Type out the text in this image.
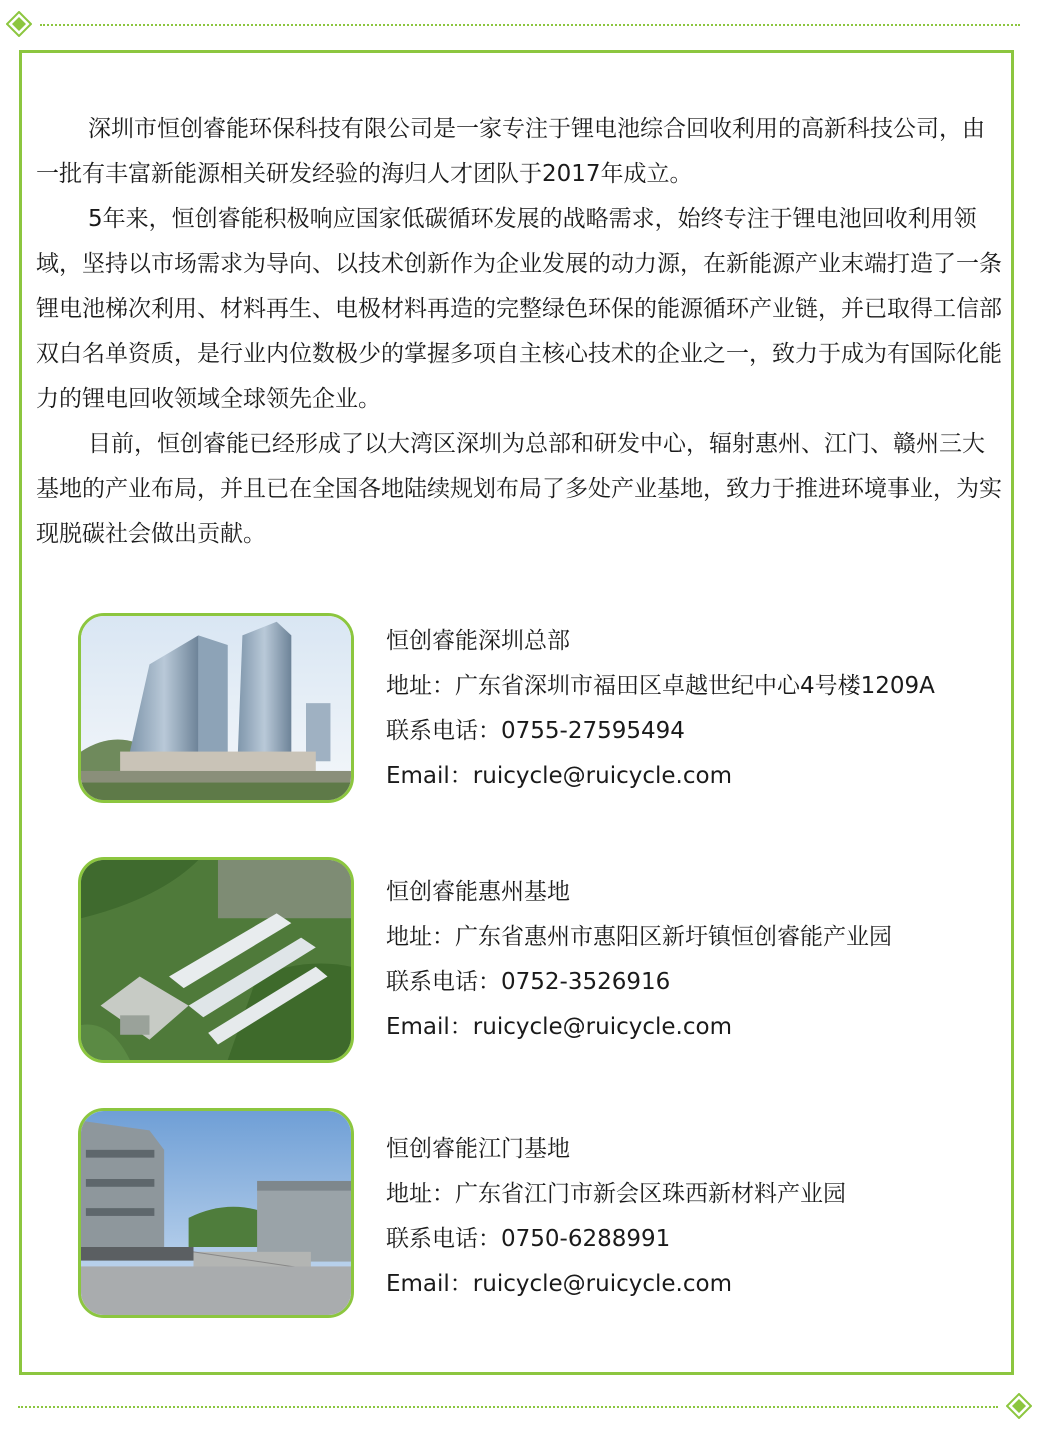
深圳市恒创睿能环保科技有限公司是一家专注于锂电池综合回收利用的高新科技公司，由一批有丰富新能源相关研发经验的海归人才团队于2017年成立。

5年来，恒创睿能积极响应国家低碳循环发展的战略需求，始终专注于锂电池回收利用领域，坚持以市场需求为导向、以技术创新作为企业发展的动力源，在新能源产业末端打造了一条锂电池梯次利用、材料再生、电极材料再造的完整绿色环保的能源循环产业链，并已取得工信部双白名单资质，是行业内位数极少的掌握多项自主核心技术的企业之一，致力于成为有国际化能力的锂电回收领域全球领先企业。

目前，恒创睿能已经形成了以大湾区深圳为总部和研发中心，辐射惠州、江门、赣州三大基地的产业布局，并且已在全国各地陆续规划布局了多处产业基地，致力于推进环境事业，为实现脱碳社会做出贡献。

恒创睿能深圳总部
地址：广东省深圳市福田区卓越世纪中心4号楼1209A
联系电话：0755-27595494
Email：ruicycle@ruicycle.com
恒创睿能惠州基地
地址：广东省惠州市惠阳区新圩镇恒创睿能产业园
联系电话：0752-3526916
Email：ruicycle@ruicycle.com
恒创睿能江门基地
地址：广东省江门市新会区珠西新材料产业园
联系电话：0750-6288991
Email：ruicycle@ruicycle.com
